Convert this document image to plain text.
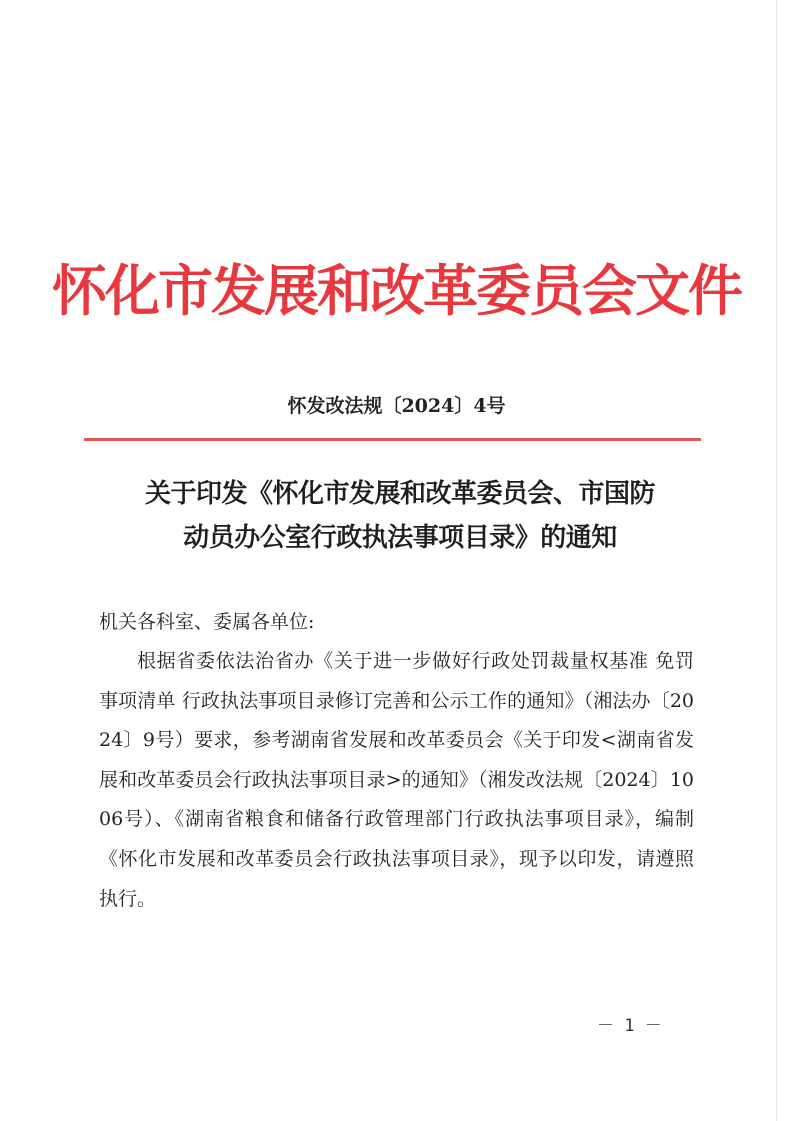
怀化市发展和改革委员会文件
怀发改法规〔2024〕4号
关于印发《怀化市发展和改革委员会、市国防
动员办公室行政执法事项目录》的通知
机关各科室、委属各单位:
根据省委依法治省办《关于进一步做好行政处罚裁量权基准 免罚事项清单 行政执法事项目录修订完善和公示工作的通知》（湘法办〔2024〕9号）要求，参考湖南省发展和改革委员会《关于印发<湖南省发展和改革委员会行政执法事项目录>的通知》（湘发改法规〔2024〕1006号）、《湖南省粮食和储备行政管理部门行政执法事项目录》，编制《怀化市发展和改革委员会行政执法事项目录》，现予以印发，请遵照执行。
－ 1 －
